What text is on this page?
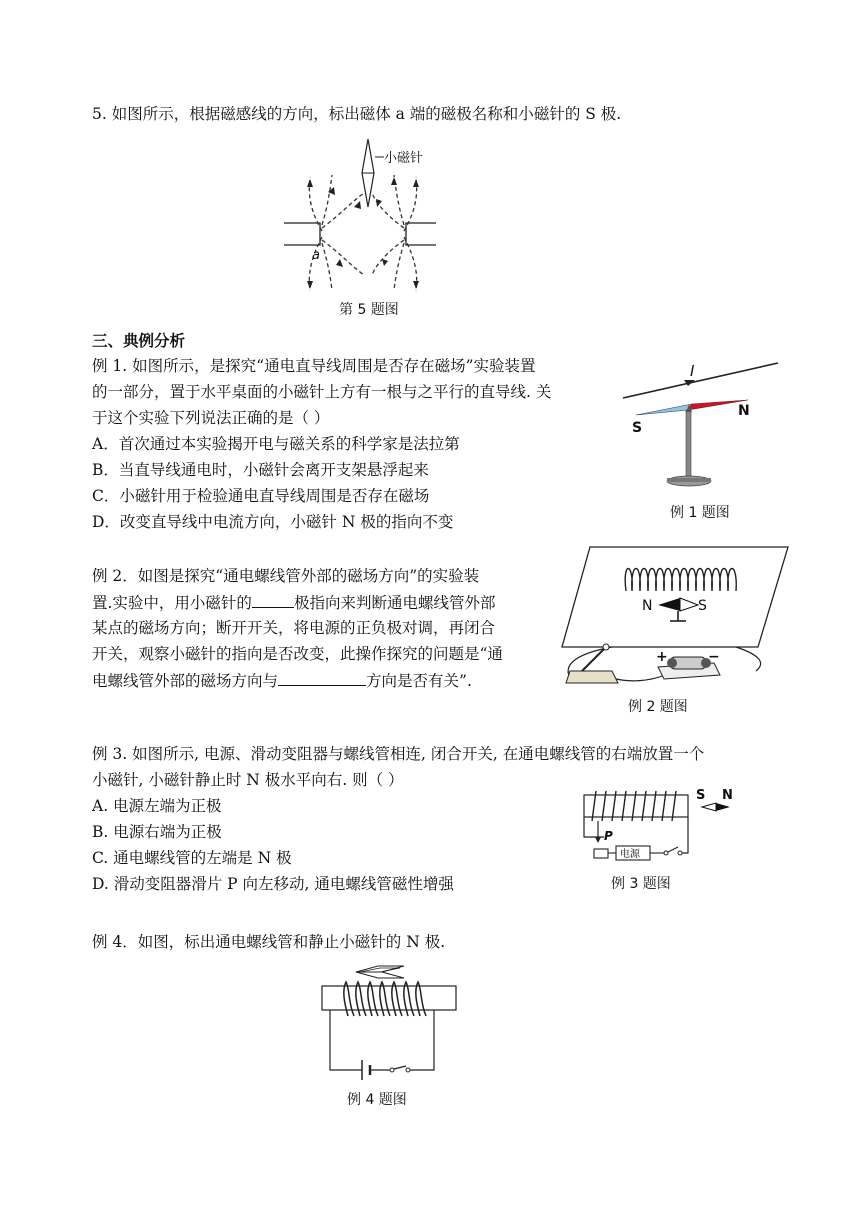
5. 如图所示，根据磁感线的方向，标出磁体 a 端的磁极名称和小磁针的 S 极.
小磁针
a
第 5 题图
三、典例分析
例 1. 如图所示，是探究“通电直导线周围是否存在磁场”实验装置
的一部分，置于水平桌面的小磁针上方有一根与之平行的直导线. 关
于这个实验下列说法正确的是（ ）
A．首次通过本实验揭开电与磁关系的科学家是法拉第
B．当直导线通电时，小磁针会离开支架悬浮起来
C．小磁针用于检验通电直导线周围是否存在磁场
D．改变直导线中电流方向，小磁针 N 极的指向不变
I
S
N
例 1 题图
例 2．如图是探究“通电螺线管外部的磁场方向”的实验装
置.实验中，用小磁针的	极指向来判断通电螺线管外部
某点的磁场方向；断开开关，将电源的正负极对调，再闭合
开关，观察小磁针的指向是否改变，此操作探究的问题是“通
电螺线管外部的磁场方向与	方向是否有关”.
N	S
+	−
例 2 题图
例 3. 如图所示, 电源、滑动变阻器与螺线管相连, 闭合开关, 在通电螺线管的右端放置一个
小磁针, 小磁针静止时 N 极水平向右. 则（ ）
A. 电源左端为正极
B. 电源右端为正极
C. 通电螺线管的左端是 N 极
D. 滑动变阻器滑片 P 向左移动, 通电螺线管磁性增强
S N
P
电源
例 3 题图
例 4．如图，标出通电螺线管和静止小磁针的 N 极.
例 4 题图
